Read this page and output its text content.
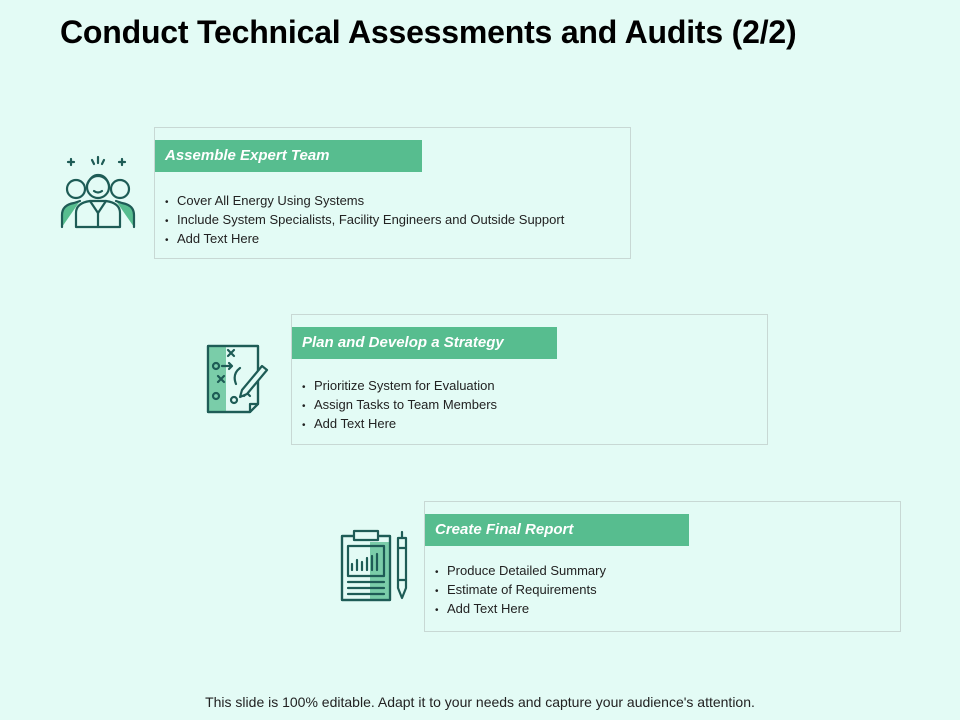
Conduct Technical Assessments and Audits (2/2)
Assemble Expert Team
• Cover All Energy Using Systems
• Include System Specialists, Facility Engineers and Outside Support
• Add Text Here
Plan and Develop a Strategy
• Prioritize System for Evaluation
• Assign Tasks to Team Members
• Add Text Here
Create Final Report
• Produce Detailed Summary
• Estimate of Requirements
• Add Text Here
This slide is 100% editable. Adapt it to your needs and capture your audience's attention.
